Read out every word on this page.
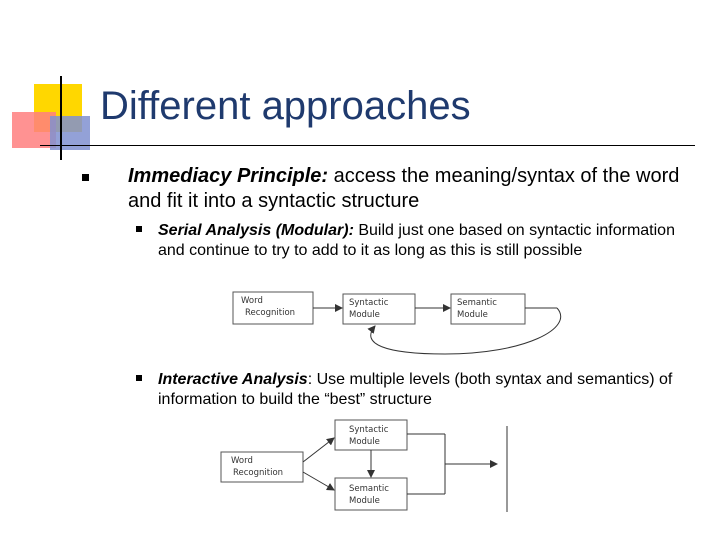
Different approaches
Immediacy Principle: access the meaning/syntax of the word and fit it into a syntactic structure
Serial Analysis (Modular): Build just one based on syntactic information and continue to try to add to it as long as this is still possible
Word
Recognition
Syntactic
Module
Semantic
Module
Interactive Analysis: Use multiple levels (both syntax and semantics) of information to build the “best” structure
Syntactic
Module
Word
Recognition
Semantic
Module
